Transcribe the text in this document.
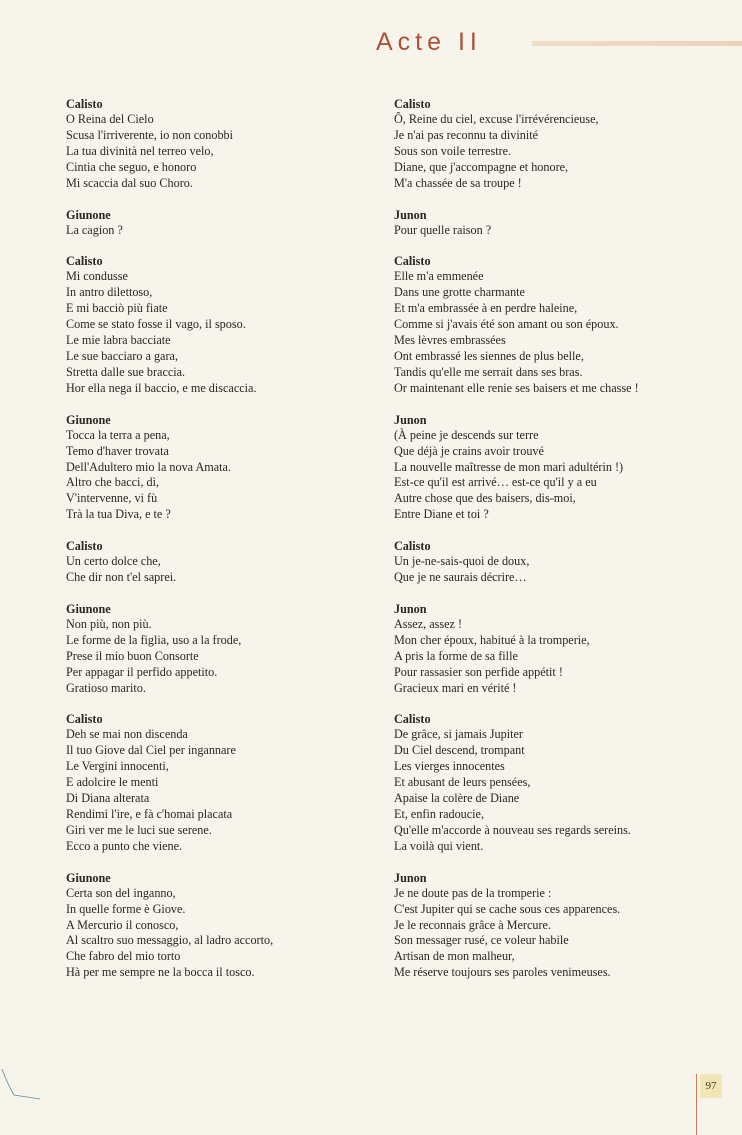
Acte II

Calisto

O Reina del Cielo

Scusa l'irriverente, io non conobbi

La tua divinità nel terreo velo,

Cintia che seguo, e honoro

Mi scaccia dal suo Choro.

Giunone

La cagion ?

Calisto

Mi condusse

In antro dilettoso,

E mi bacciò più fiate

Come se stato fosse il vago, il sposo.

Le mie labra bacciate

Le sue bacciaro a gara,

Stretta dalle sue braccia.

Hor ella nega il baccio, e me discaccia.

Giunone

Tocca la terra a pena,

Temo d'haver trovata

Dell'Adultero mio la nova Amata.

Altro che bacci, dì,

V'intervenne, vi fù

Trà la tua Diva, e te ?

Calisto

Un certo dolce che,

Che dir non t'el saprei.

Giunone

Non più, non più.

Le forme de la figlia, uso a la frode,

Prese il mio buon Consorte

Per appagar il perfido appetito.

Gratioso marito.

Calisto

Deh se mai non discenda

Il tuo Giove dal Ciel per ingannare

Le Vergini innocenti,

E adolcire le menti

Di Diana alterata

Rendimi l'ire, e fà c'homai placata

Giri ver me le luci sue serene.

Ecco a punto che viene.

Giunone

Certa son del inganno,

In quelle forme è Giove.

A Mercurio il conosco,

Al scaltro suo messaggio, al ladro accorto,

Che fabro del mio torto

Hà per me sempre ne la bocca il tosco.

Calisto

Ô, Reine du ciel, excuse l'irrévérencieuse,

Je n'ai pas reconnu ta divinité

Sous son voile terrestre.

Diane, que j'accompagne et honore,

M'a chassée de sa troupe !

Junon

Pour quelle raison ?

Calisto

Elle m'a emmenée

Dans une grotte charmante

Et m'a embrassée à en perdre haleine,

Comme si j'avais été son amant ou son époux.

Mes lèvres embrassées

Ont embrassé les siennes de plus belle,

Tandis qu'elle me serrait dans ses bras.

Or maintenant elle renie ses baisers et me chasse !

Junon

(À peine je descends sur terre

Que déjà je crains avoir trouvé

La nouvelle maîtresse de mon mari adultérin !)

Est-ce qu'il est arrivé… est-ce qu'il y a eu

Autre chose que des baisers, dis-moi,

Entre Diane et toi ?

Calisto

Un je-ne-sais-quoi de doux,

Que je ne saurais décrire…

Junon

Assez, assez !

Mon cher époux, habitué à la tromperie,

A pris la forme de sa fille

Pour rassasier son perfide appétit !

Gracieux mari en vérité !

Calisto

De grâce, si jamais Jupiter

Du Ciel descend, trompant

Les vierges innocentes

Et abusant de leurs pensées,

Apaise la colère de Diane

Et, enfin radoucie,

Qu'elle m'accorde à nouveau ses regards sereins.

La voilà qui vient.

Junon

Je ne doute pas de la tromperie :

C'est Jupiter qui se cache sous ces apparences.

Je le reconnais grâce à Mercure.

Son messager rusé, ce voleur habile

Artisan de mon malheur,

Me réserve toujours ses paroles venimeuses.

97
